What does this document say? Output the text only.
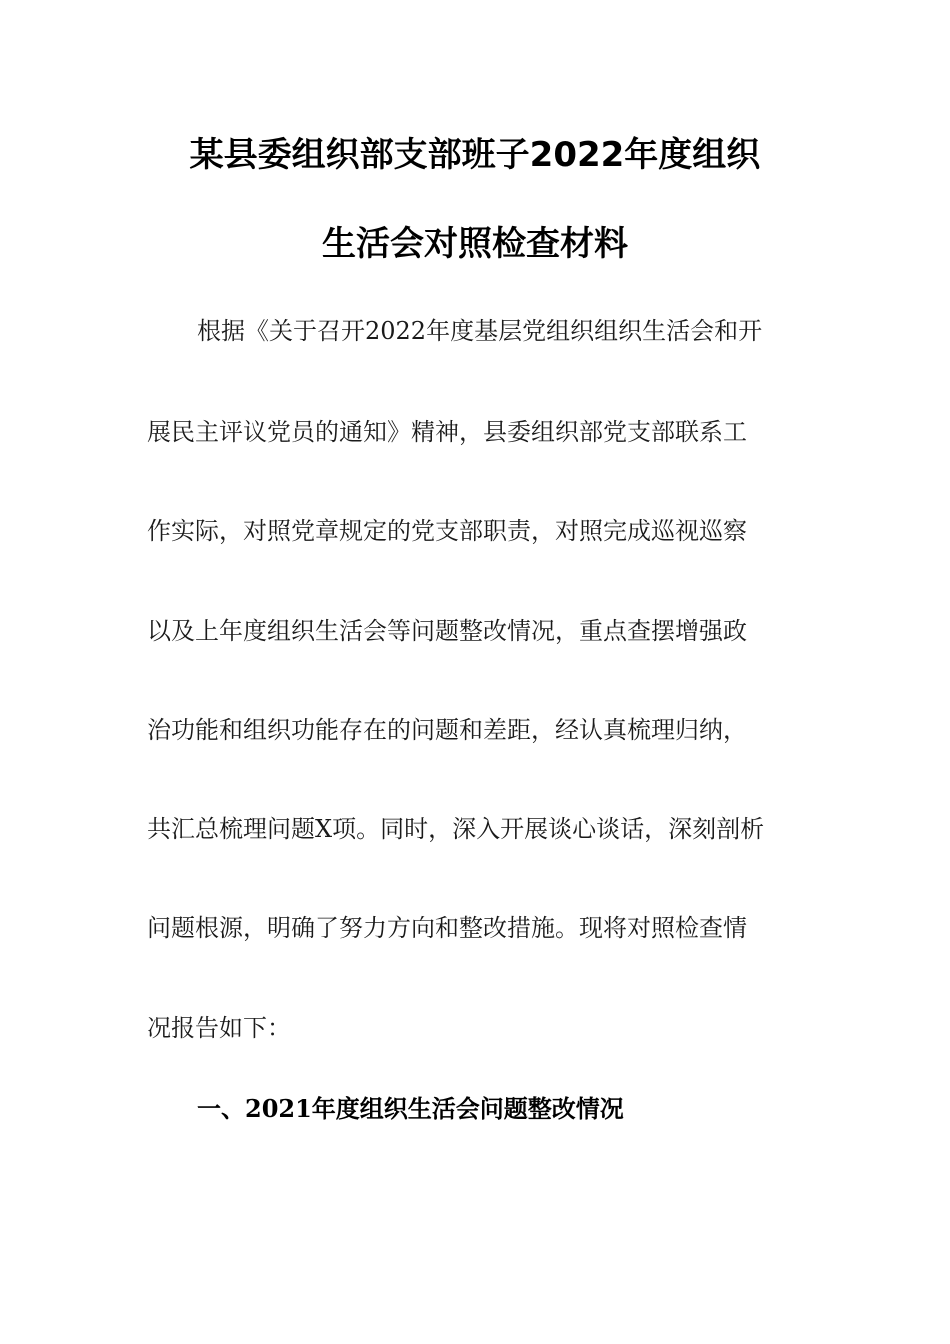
某县委组织部支部班子2022年度组织
生活会对照检查材料
根据《关于召开2022年度基层党组织组织生活会和开
展民主评议党员的通知》精神，县委组织部党支部联系工
作实际，对照党章规定的党支部职责，对照完成巡视巡察
以及上年度组织生活会等问题整改情况，重点查摆增强政
治功能和组织功能存在的问题和差距，经认真梳理归纳，
共汇总梳理问题X项。同时，深入开展谈心谈话，深刻剖析
问题根源，明确了努力方向和整改措施。现将对照检查情
况报告如下：
一、2021年度组织生活会问题整改情况
